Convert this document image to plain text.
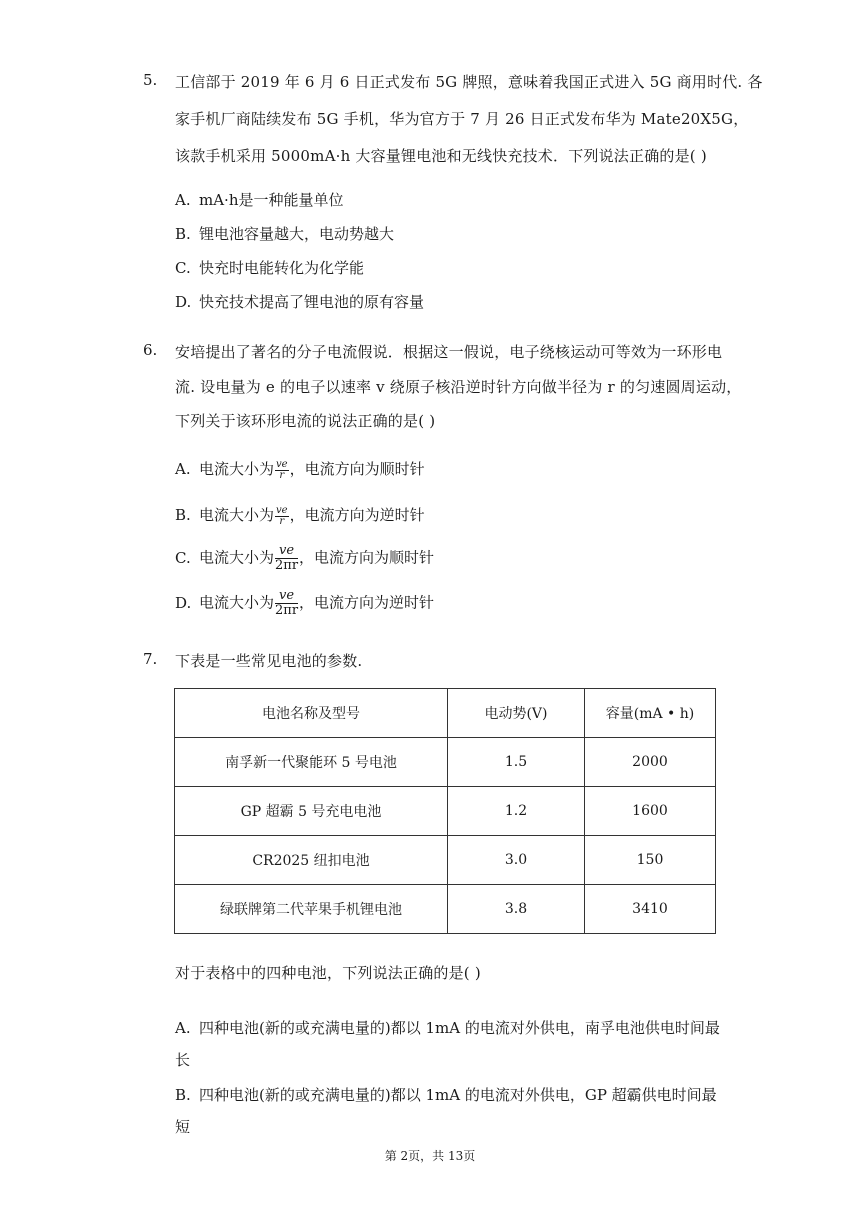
5. 工信部于 2019 年 6 月 6 日正式发布 5G 牌照，意味着我国正式进入 5G 商用时代. 各
家手机厂商陆续发布 5G 手机，华为官方于 7 月 26 日正式发布华为 Mate20X5G，
该款手机采用 5000mA·h 大容量锂电池和无线快充技术．下列说法正确的是( )
A. mA·h是一种能量单位
B. 锂电池容量越大，电动势越大
C. 快充时电能转化为化学能
D. 快充技术提高了锂电池的原有容量
6. 安培提出了著名的分子电流假说．根据这一假说，电子绕核运动可等效为一环形电
流. 设电量为 e 的电子以速率 v 绕原子核沿逆时针方向做半径为 r 的匀速圆周运动，
下列关于该环形电流的说法正确的是( )
A. 电流大小为 $\frac{ve}{r}$ ，电流方向为顺时针
B. 电流大小为 $\frac{ve}{r}$ ，电流方向为逆时针
C. 电流大小为 $\frac{ve}{2\pi r}$ ，电流方向为顺时针
D. 电流大小为 $\frac{ve}{2\pi r}$ ，电流方向为逆时针
7. 下表是一些常见电池的参数.
电池名称及型号	电动势(V)	容量(mA • h)
南孚新一代聚能环 5 号电池	1.5	2000
GP 超霸 5 号充电电池	1.2	1600
CR2025 纽扣电池	3.0	150
绿联牌第二代苹果手机锂电池	3.8	3410
对于表格中的四种电池，下列说法正确的是( )
A. 四种电池(新的或充满电量的)都以 1mA 的电流对外供电，南孚电池供电时间最
长
B. 四种电池(新的或充满电量的)都以 1mA 的电流对外供电，GP 超霸供电时间最
短
第 2页，共 13页
